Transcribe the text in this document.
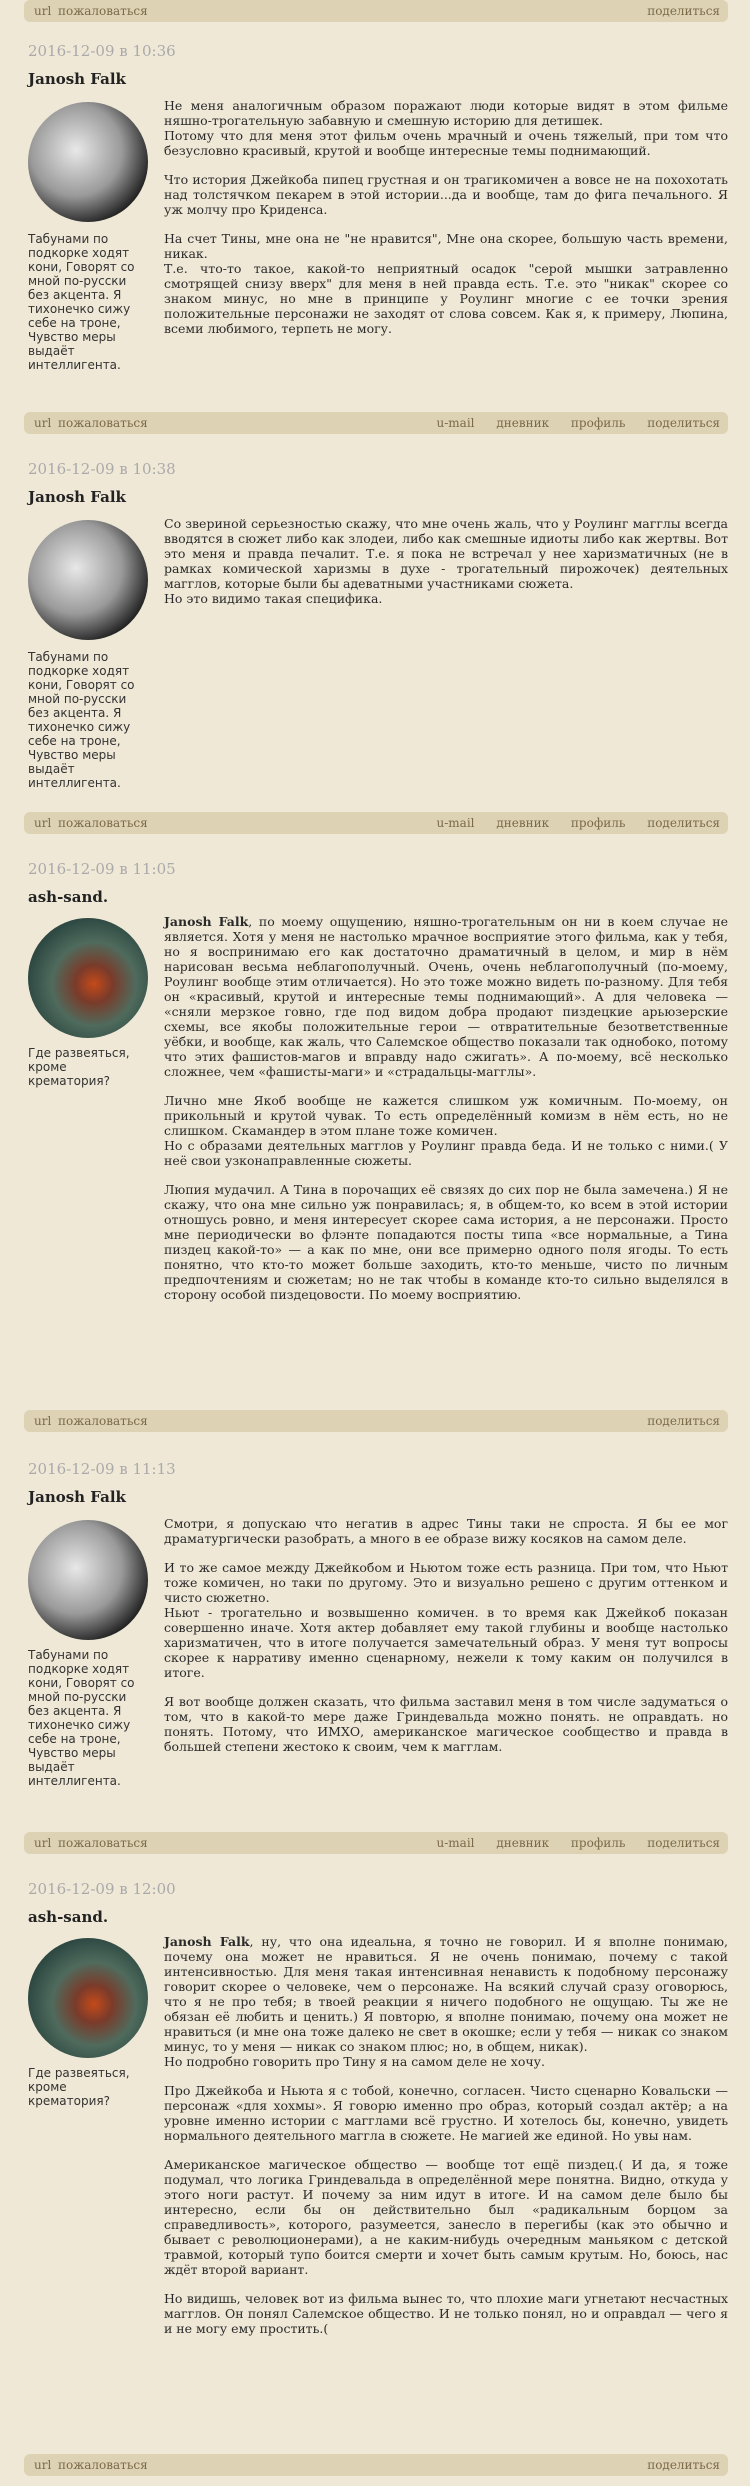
url пожаловаться	поделиться
2016-12-09 в 10:36
Janosh Falk
Табунами по подкорке ходят кони, Говорят со мной по-русски без акцента. Я тихонечко сижу себе на троне, Чувство меры выдаёт интеллигента.

Не меня аналогичным образом поражают люди которые видят в этом фильме няшно-трогательную забавную и смешную историю для детишек.
Потому что для меня этот фильм очень мрачный и очень тяжелый, при том что безусловно красивый, крутой и вообще интересные темы поднимающий.

Что история Джейкоба пипец грустная и он трагикомичен а вовсе не на похохотать над толстячком пекарем в этой истории...да и вообще, там до фига печального. Я уж молчу про Криденса.

На счет Тины, мне она не "не нравится", Мне она скорее, большую часть времени, никак.
Т.е. что-то такое, какой-то неприятный осадок "серой мышки затравленно смотрящей снизу вверх" для меня в ней правда есть. Т.е. это "никак" скорее со знаком минус, но мне в принципе у Роулинг многие с ее точки зрения положительные персонажи не заходят от слова совсем. Как я, к примеру, Люпина, всеми любимого, терпеть не могу.

url пожаловаться	u-mail дневник профиль поделиться
2016-12-09 в 10:38
Janosh Falk
Табунами по подкорке ходят кони, Говорят со мной по-русски без акцента. Я тихонечко сижу себе на троне, Чувство меры выдаёт интеллигента.

Со звериной серьезностью скажу, что мне очень жаль, что у Роулинг магглы всегда вводятся в сюжет либо как злодеи, либо как смешные идиоты либо как жертвы. Вот это меня и правда печалит. Т.е. я пока не встречал у нее харизматичных (не в рамках комической харизмы в духе - трогательный пирожочек) деятельных магглов, которые были бы адеватными участниками сюжета.
Но это видимо такая специфика.

url пожаловаться	u-mail дневник профиль поделиться
2016-12-09 в 11:05
ash-sand.
Где развеяться, кроме крематория?

Janosh Falk, по моему ощущению, няшно-трогательным он ни в коем случае не является. Хотя у меня не настолько мрачное восприятие этого фильма, как у тебя, но я воспринимаю его как достаточно драматичный в целом, и мир в нём нарисован весьма неблагополучный. Очень, очень неблагополучный (по-моему, Роулинг вообще этим отличается). Но это тоже можно видеть по-разному. Для тебя он «красивый, крутой и интересные темы поднимающий». А для человека — «сняли мерзкое говно, где под видом добра продают пиздецкие арьюзерские схемы, все якобы положительные герои — отвратительные безответственные уёбки, и вообще, как жаль, что Салемское общество показали так однобоко, потому что этих фашистов-магов и вправду надо сжигать». А по-моему, всё несколько сложнее, чем «фашисты-маги» и «страдальцы-магглы».

Лично мне Якоб вообще не кажется слишком уж комичным. По-моему, он прикольный и крутой чувак. То есть определённый комизм в нём есть, но не слишком. Скамандер в этом плане тоже комичен.
Но с образами деятельных магглов у Роулинг правда беда. И не только с ними.( У неё свои узконаправленные сюжеты.

Люпия мудачил. А Тина в порочащих её связях до сих пор не была замечена.) Я не скажу, что она мне сильно уж понравилась; я, в общем-то, ко всем в этой истории отношусь ровно, и меня интересует скорее сама история, а не персонажи. Просто мне периодически во флэнте попадаются посты типа «все нормальные, а Тина пиздец какой-то» — а как по мне, они все примерно одного поля ягоды. То есть понятно, что кто-то может больше заходить, кто-то меньше, чисто по личным предпочтениям и сюжетам; но не так чтобы в команде кто-то сильно выделялся в сторону особой пиздецовости. По моему восприятию.

url пожаловаться	поделиться
2016-12-09 в 11:13
Janosh Falk
Табунами по подкорке ходят кони, Говорят со мной по-русски без акцента. Я тихонечко сижу себе на троне, Чувство меры выдаёт интеллигента.

Смотри, я допускаю что негатив в адрес Тины таки не спроста. Я бы ее мог драматургически разобрать, а много в ее образе вижу косяков на самом деле.

И то же самое между Джейкобом и Ньютом тоже есть разница. При том, что Ньют тоже комичен, но таки по другому. Это и визуально решено с другим оттенком и чисто сюжетно.
Ньют - трогательно и возвышенно комичен. в то время как Джейкоб показан совершенно иначе. Хотя актер добавляет ему такой глубины и вообще настолько харизматичен, что в итоге получается замечательный образ. У меня тут вопросы скорее к нарративу именно сценарному, нежели к тому каким он получился в итоге.

Я вот вообще должен сказать, что фильма заставил меня в том числе задуматься о том, что в какой-то мере даже Гриндевальда можно понять. не оправдать. но понять. Потому, что ИМХО, американское магическое сообщество и правда в большей степени жестоко к своим, чем к магглам.

url пожаловаться	u-mail дневник профиль поделиться
2016-12-09 в 12:00
ash-sand.
Где развеяться, кроме крематория?

Janosh Falk, ну, что она идеальна, я точно не говорил. И я вполне понимаю, почему она может не нравиться. Я не очень понимаю, почему с такой интенсивностью. Для меня такая интенсивная ненависть к подобному персонажу говорит скорее о человеке, чем о персонаже. На всякий случай сразу оговорюсь, что я не про тебя; в твоей реакции я ничего подобного не ощущаю. Ты же не обязан её любить и ценить.) Я повторю, я вполне понимаю, почему она может не нравиться (и мне она тоже далеко не свет в окошке; если у тебя — никак со знаком минус, то у меня — никак со знаком плюс; но, в общем, никак).
Но подробно говорить про Тину я на самом деле не хочу.

Про Джейкоба и Ньюта я с тобой, конечно, согласен. Чисто сценарно Ковальски — персонаж «для хохмы». Я говорю именно про образ, который создал актёр; а на уровне именно истории с магглами всё грустно. И хотелось бы, конечно, увидеть нормального деятельного маггла в сюжете. Не магией же единой. Но увы нам.

Американское магическое общество — вообще тот ещё пиздец.( И да, я тоже подумал, что логика Гриндевальда в определённой мере понятна. Видно, откуда у этого ноги растут. И почему за ним идут в итоге. И на самом деле было бы интересно, если бы он действительно был «радикальным борцом за справедливость», которого, разумеется, занесло в перегибы (как это обычно и бывает с революционерами), а не каким-нибудь очередным маньяком с детской травмой, который тупо боится смерти и хочет быть самым крутым. Но, боюсь, нас ждёт второй вариант.

Но видишь, человек вот из фильма вынес то, что плохие маги угнетают несчастных магглов. Он понял Салемское общество. И не только понял, но и оправдал — чего я и не могу ему простить.(

url пожаловаться	поделиться
